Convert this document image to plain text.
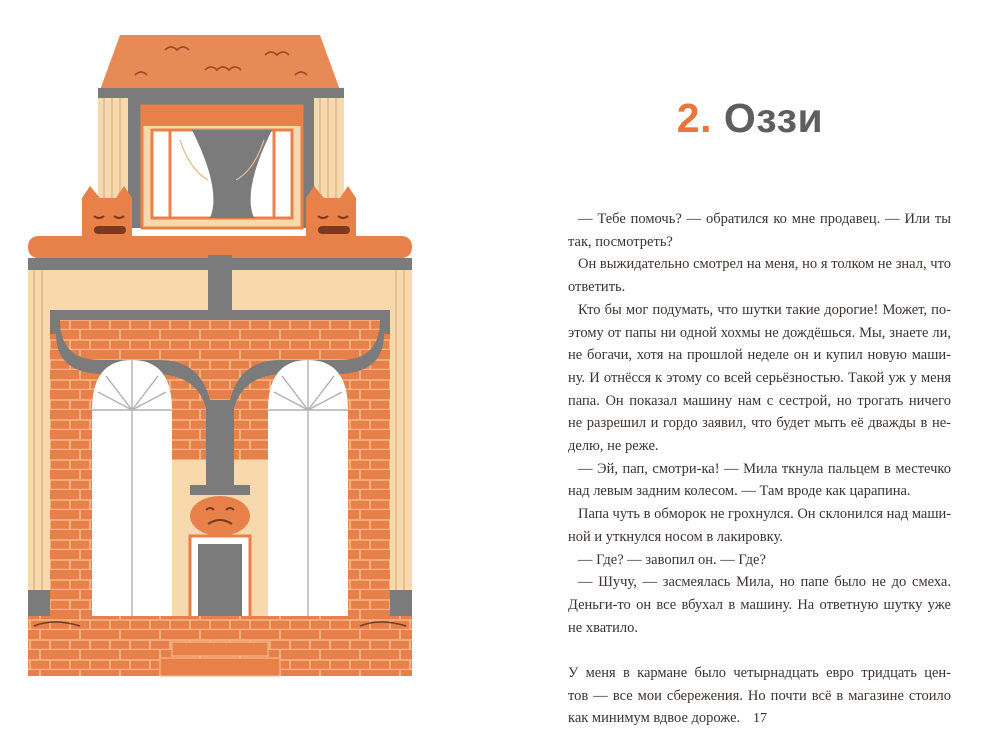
2. Оззи
— Тебе помочь? — обратился ко мне продавец. — Или ты
так, посмотреть?
Он выжидательно смотрел на меня, но я толком не знал, что
ответить.
Кто бы мог подумать, что шутки такие дорогие! Может, по-
этому от папы ни одной хохмы не дождёшься. Мы, знаете ли,
не богачи, хотя на прошлой неделе он и купил новую маши-
ну. И отнёсся к этому со всей серьёзностью. Такой уж у меня
папа. Он показал машину нам с сестрой, но трогать ничего
не разрешил и гордо заявил, что будет мыть её дважды в не-
делю, не реже.
— Эй, пап, смотри-ка! — Мила ткнула пальцем в местечко
над левым задним колесом. — Там вроде как царапина.
Папа чуть в обморок не грохнулся. Он склонился над маши-
ной и уткнулся носом в лакировку.
— Где? — завопил он. — Где?
— Шучу, — засмеялась Мила, но папе было не до смеха.
Деньги-то он все вбухал в машину. На ответную шутку уже
не хватило.
У меня в кармане было четырнадцать евро тридцать цен-
тов — все мои сбережения. Но почти всё в магазине стоило
как минимум вдвое дороже. 17
